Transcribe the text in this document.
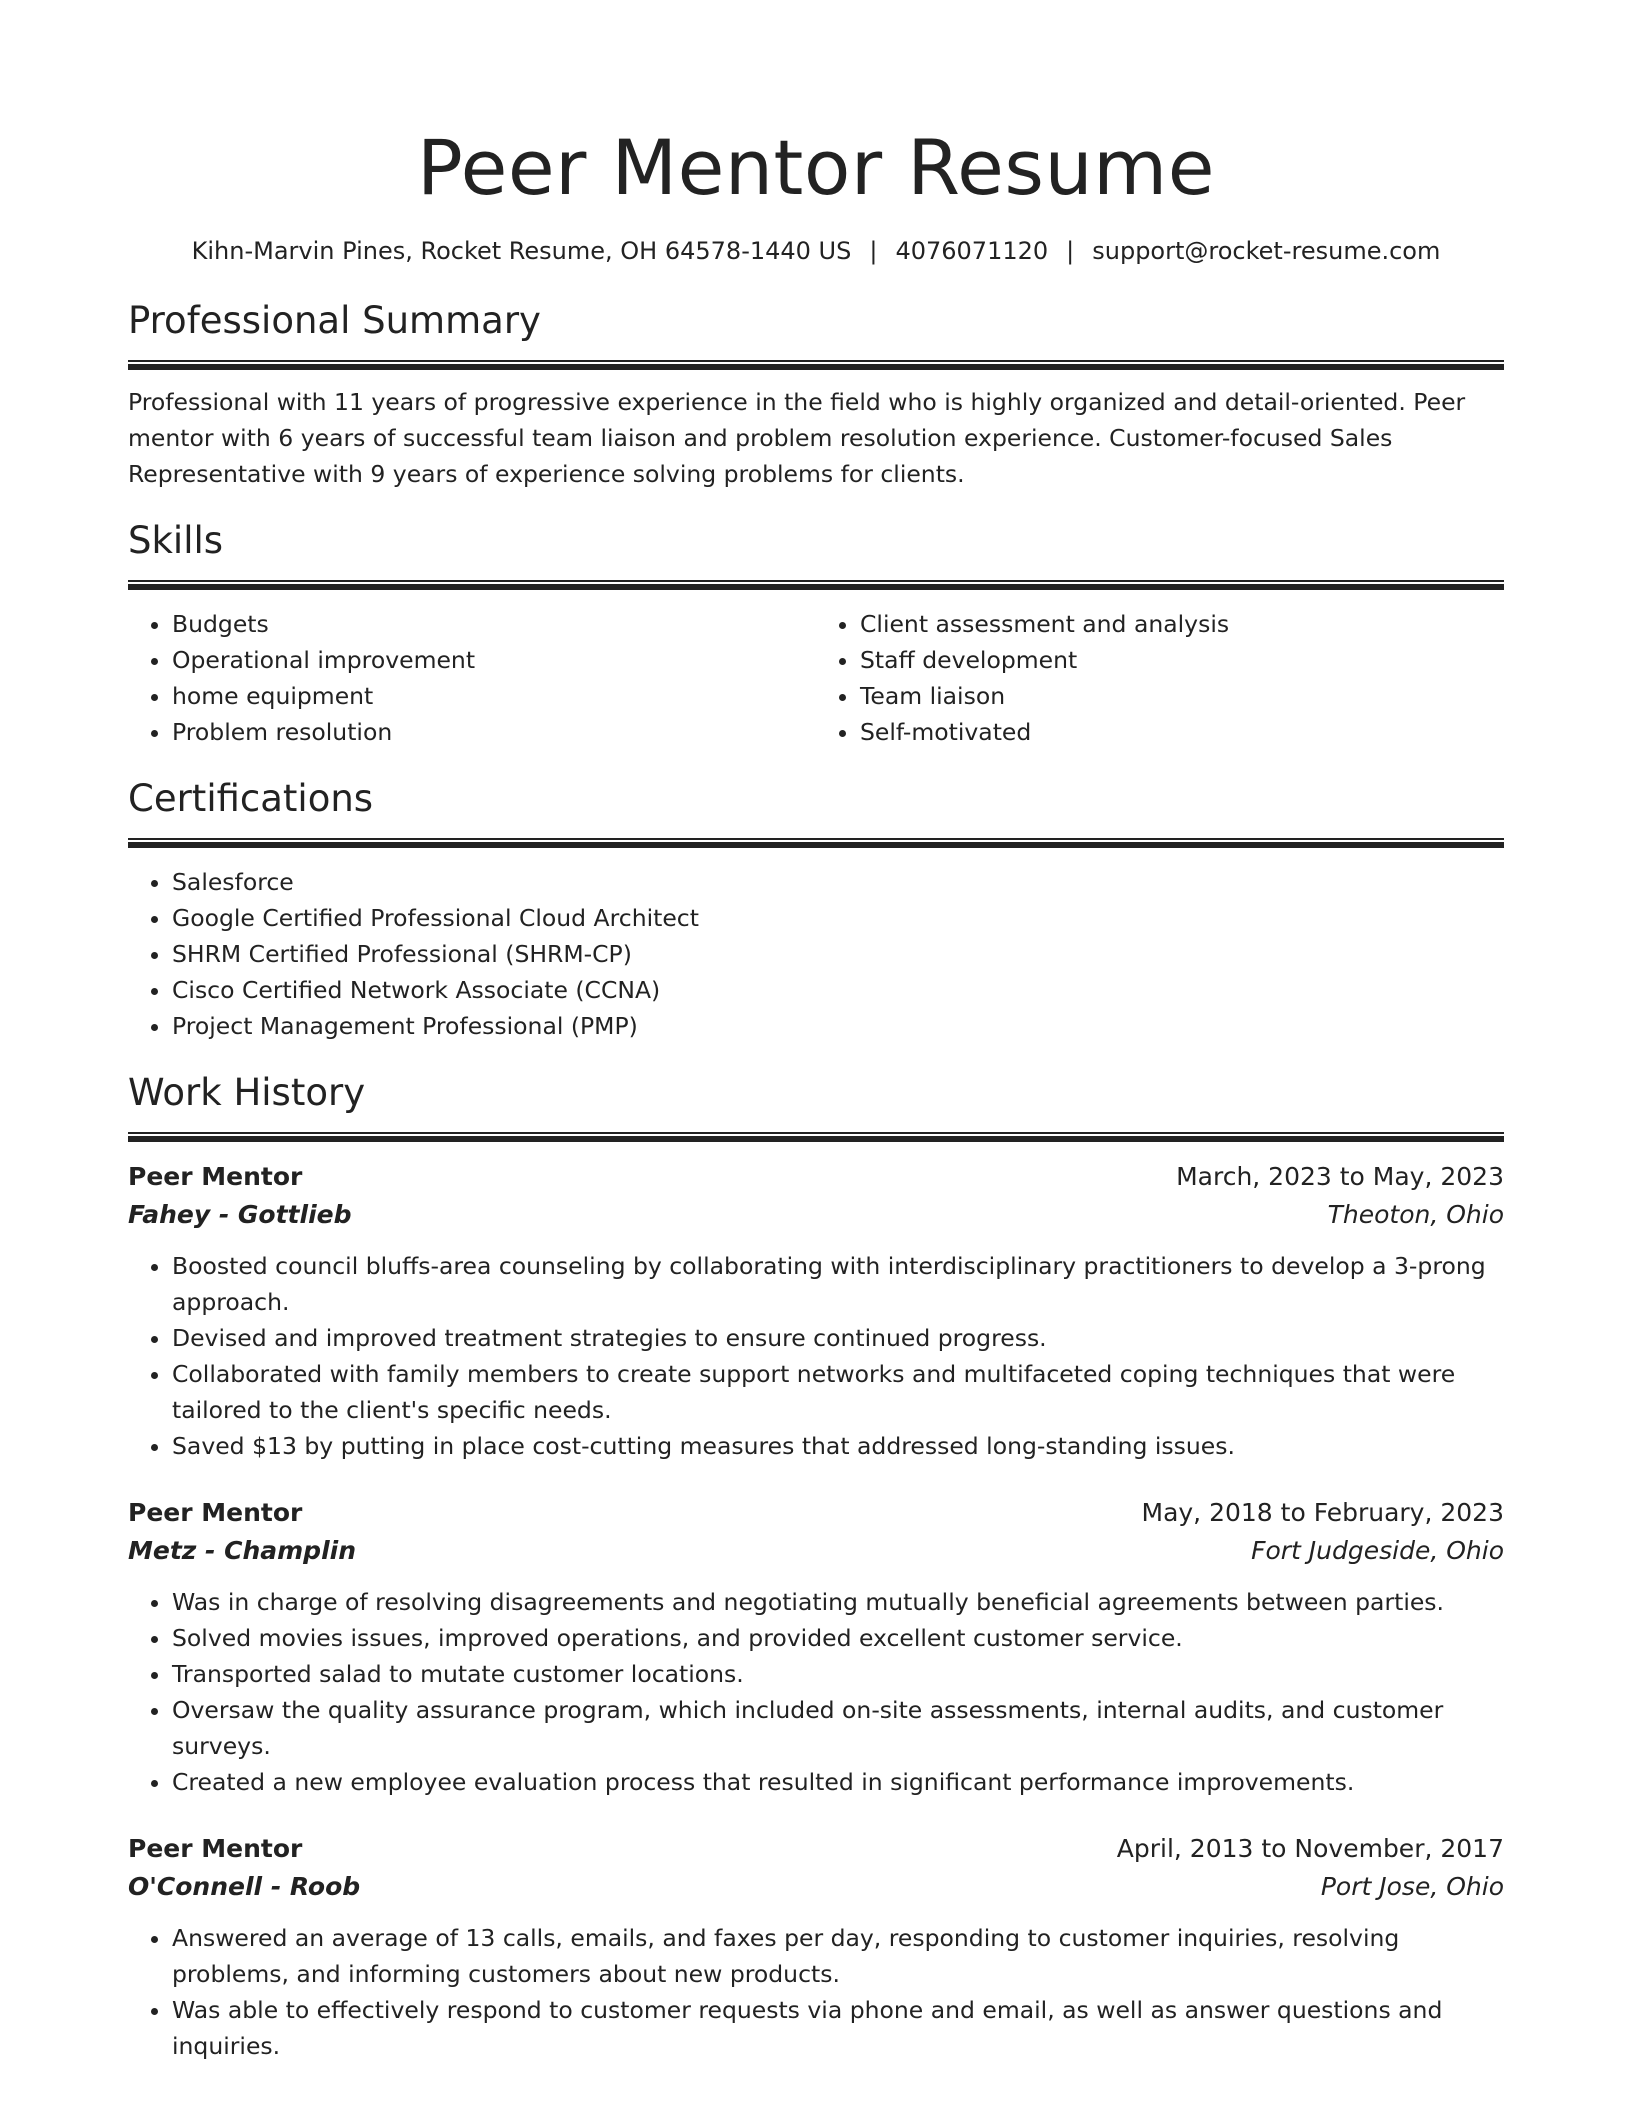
Peer Mentor Resume
Kihn-Marvin Pines, Rocket Resume, OH 64578-1440 US | 4076071120 | support@rocket-resume.com
Professional Summary
Professional with 11 years of progressive experience in the field who is highly organized and detail-oriented. Peer mentor with 6 years of successful team liaison and problem resolution experience. Customer-focused Sales Representative with 9 years of experience solving problems for clients.
Skills
• Budgets
• Operational improvement
• home equipment
• Problem resolution
• Client assessment and analysis
• Staff development
• Team liaison
• Self-motivated
Certifications
• Salesforce
• Google Certified Professional Cloud Architect
• SHRM Certified Professional (SHRM-CP)
• Cisco Certified Network Associate (CCNA)
• Project Management Professional (PMP)
Work History
Peer Mentor	March, 2023 to May, 2023
Fahey - Gottlieb	Theoton, Ohio
• Boosted council bluffs-area counseling by collaborating with interdisciplinary practitioners to develop a 3-prong approach.
• Devised and improved treatment strategies to ensure continued progress.
• Collaborated with family members to create support networks and multifaceted coping techniques that were tailored to the client's specific needs.
• Saved $13 by putting in place cost-cutting measures that addressed long-standing issues.
Peer Mentor	May, 2018 to February, 2023
Metz - Champlin	Fort Judgeside, Ohio
• Was in charge of resolving disagreements and negotiating mutually beneficial agreements between parties.
• Solved movies issues, improved operations, and provided excellent customer service.
• Transported salad to mutate customer locations.
• Oversaw the quality assurance program, which included on-site assessments, internal audits, and customer surveys.
• Created a new employee evaluation process that resulted in significant performance improvements.
Peer Mentor	April, 2013 to November, 2017
O'Connell - Roob	Port Jose, Ohio
• Answered an average of 13 calls, emails, and faxes per day, responding to customer inquiries, resolving problems, and informing customers about new products.
• Was able to effectively respond to customer requests via phone and email, as well as answer questions and inquiries.
